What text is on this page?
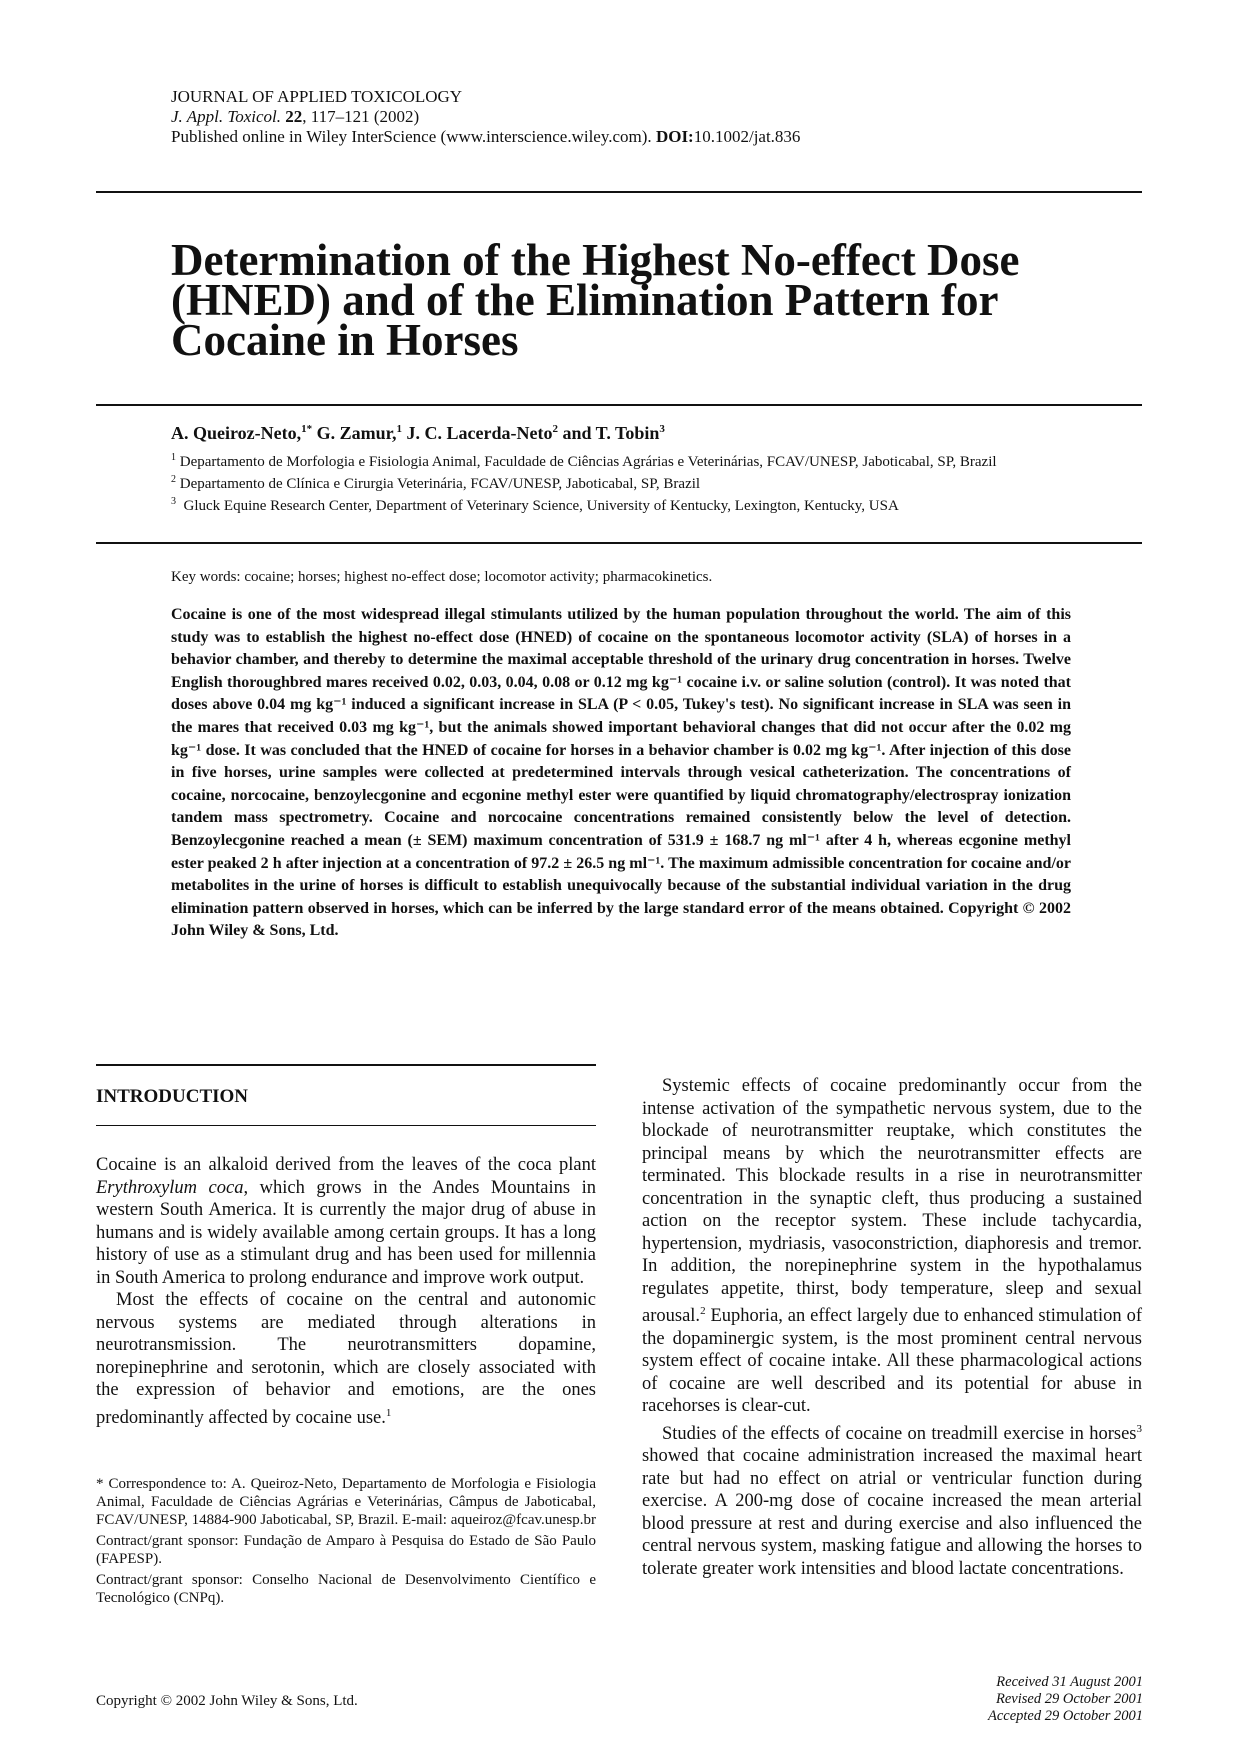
JOURNAL OF APPLIED TOXICOLOGY
J. Appl. Toxicol. 22, 117–121 (2002)
Published online in Wiley InterScience (www.interscience.wiley.com). DOI:10.1002/jat.836
Determination of the Highest No-effect Dose (HNED) and of the Elimination Pattern for Cocaine in Horses
A. Queiroz-Neto,$^{1*}$ G. Zamur,$^1$ J. C. Lacerda-Neto$^2$ and T. Tobin$^3$
$^1$ Departamento de Morfologia e Fisiologia Animal, Faculdade de Ciências Agrárias e Veterinárias, FCAV/UNESP, Jaboticabal, SP, Brazil
$^2$ Departamento de Clínica e Cirurgia Veterinária, FCAV/UNESP, Jaboticabal, SP, Brazil
$^3$ Gluck Equine Research Center, Department of Veterinary Science, University of Kentucky, Lexington, Kentucky, USA
Key words: cocaine; horses; highest no-effect dose; locomotor activity; pharmacokinetics.
Cocaine is one of the most widespread illegal stimulants utilized by the human population throughout the world. The aim of this study was to establish the highest no-effect dose (HNED) of cocaine on the spontaneous locomotor activity (SLA) of horses in a behavior chamber, and thereby to determine the maximal acceptable threshold of the urinary drug concentration in horses. Twelve English thoroughbred mares received 0.02, 0.03, 0.04, 0.08 or 0.12 mg kg⁻¹ cocaine i.v. or saline solution (control). It was noted that doses above 0.04 mg kg⁻¹ induced a significant increase in SLA (P < 0.05, Tukey's test). No significant increase in SLA was seen in the mares that received 0.03 mg kg⁻¹, but the animals showed important behavioral changes that did not occur after the 0.02 mg kg⁻¹ dose. It was concluded that the HNED of cocaine for horses in a behavior chamber is 0.02 mg kg⁻¹. After injection of this dose in five horses, urine samples were collected at predetermined intervals through vesical catheterization. The concentrations of cocaine, norcocaine, benzoylecgonine and ecgonine methyl ester were quantified by liquid chromatography/electrospray ionization tandem mass spectrometry. Cocaine and norcocaine concentrations remained consistently below the level of detection. Benzoylecgonine reached a mean (± SEM) maximum concentration of 531.9 ± 168.7 ng ml⁻¹ after 4 h, whereas ecgonine methyl ester peaked 2 h after injection at a concentration of 97.2 ± 26.5 ng ml⁻¹. The maximum admissible concentration for cocaine and/or metabolites in the urine of horses is difficult to establish unequivocally because of the substantial individual variation in the drug elimination pattern observed in horses, which can be inferred by the large standard error of the means obtained. Copyright © 2002 John Wiley & Sons, Ltd.
INTRODUCTION

Cocaine is an alkaloid derived from the leaves of the coca plant Erythroxylum coca, which grows in the Andes Mountains in western South America. It is currently the major drug of abuse in humans and is widely available among certain groups. It has a long history of use as a stimulant drug and has been used for millennia in South America to prolong endurance and improve work output.

Most the effects of cocaine on the central and autonomic nervous systems are mediated through alterations in neurotransmission. The neurotransmitters dopamine, norepinephrine and serotonin, which are closely associated with the expression of behavior and emotions, are the ones predominantly affected by cocaine use.$^1$

* Correspondence to: A. Queiroz-Neto, Departamento de Morfologia e Fisiologia Animal, Faculdade de Ciências Agrárias e Veterinárias, Câmpus de Jaboticabal, FCAV/UNESP, 14884-900 Jaboticabal, SP, Brazil. E-mail: aqueiroz@fcav.unesp.br

Contract/grant sponsor: Fundação de Amparo à Pesquisa do Estado de São Paulo (FAPESP).

Contract/grant sponsor: Conselho Nacional de Desenvolvimento Científico e Tecnológico (CNPq).

Systemic effects of cocaine predominantly occur from the intense activation of the sympathetic nervous system, due to the blockade of neurotransmitter reuptake, which constitutes the principal means by which the neurotransmitter effects are terminated. This blockade results in a rise in neurotransmitter concentration in the synaptic cleft, thus producing a sustained action on the receptor system. These include tachycardia, hypertension, mydriasis, vasoconstriction, diaphoresis and tremor. In addition, the norepinephrine system in the hypothalamus regulates appetite, thirst, body temperature, sleep and sexual arousal.$^2$ Euphoria, an effect largely due to enhanced stimulation of the dopaminergic system, is the most prominent central nervous system effect of cocaine intake. All these pharmacological actions of cocaine are well described and its potential for abuse in racehorses is clear-cut.

Studies of the effects of cocaine on treadmill exercise in horses$^3$ showed that cocaine administration increased the maximal heart rate but had no effect on atrial or ventricular function during exercise. A 200-mg dose of cocaine increased the mean arterial blood pressure at rest and during exercise and also influenced the central nervous system, masking fatigue and allowing the horses to tolerate greater work intensities and blood lactate concentrations.

Received 31 August 2001
Revised 29 October 2001
Accepted 29 October 2001
Copyright © 2002 John Wiley & Sons, Ltd.
